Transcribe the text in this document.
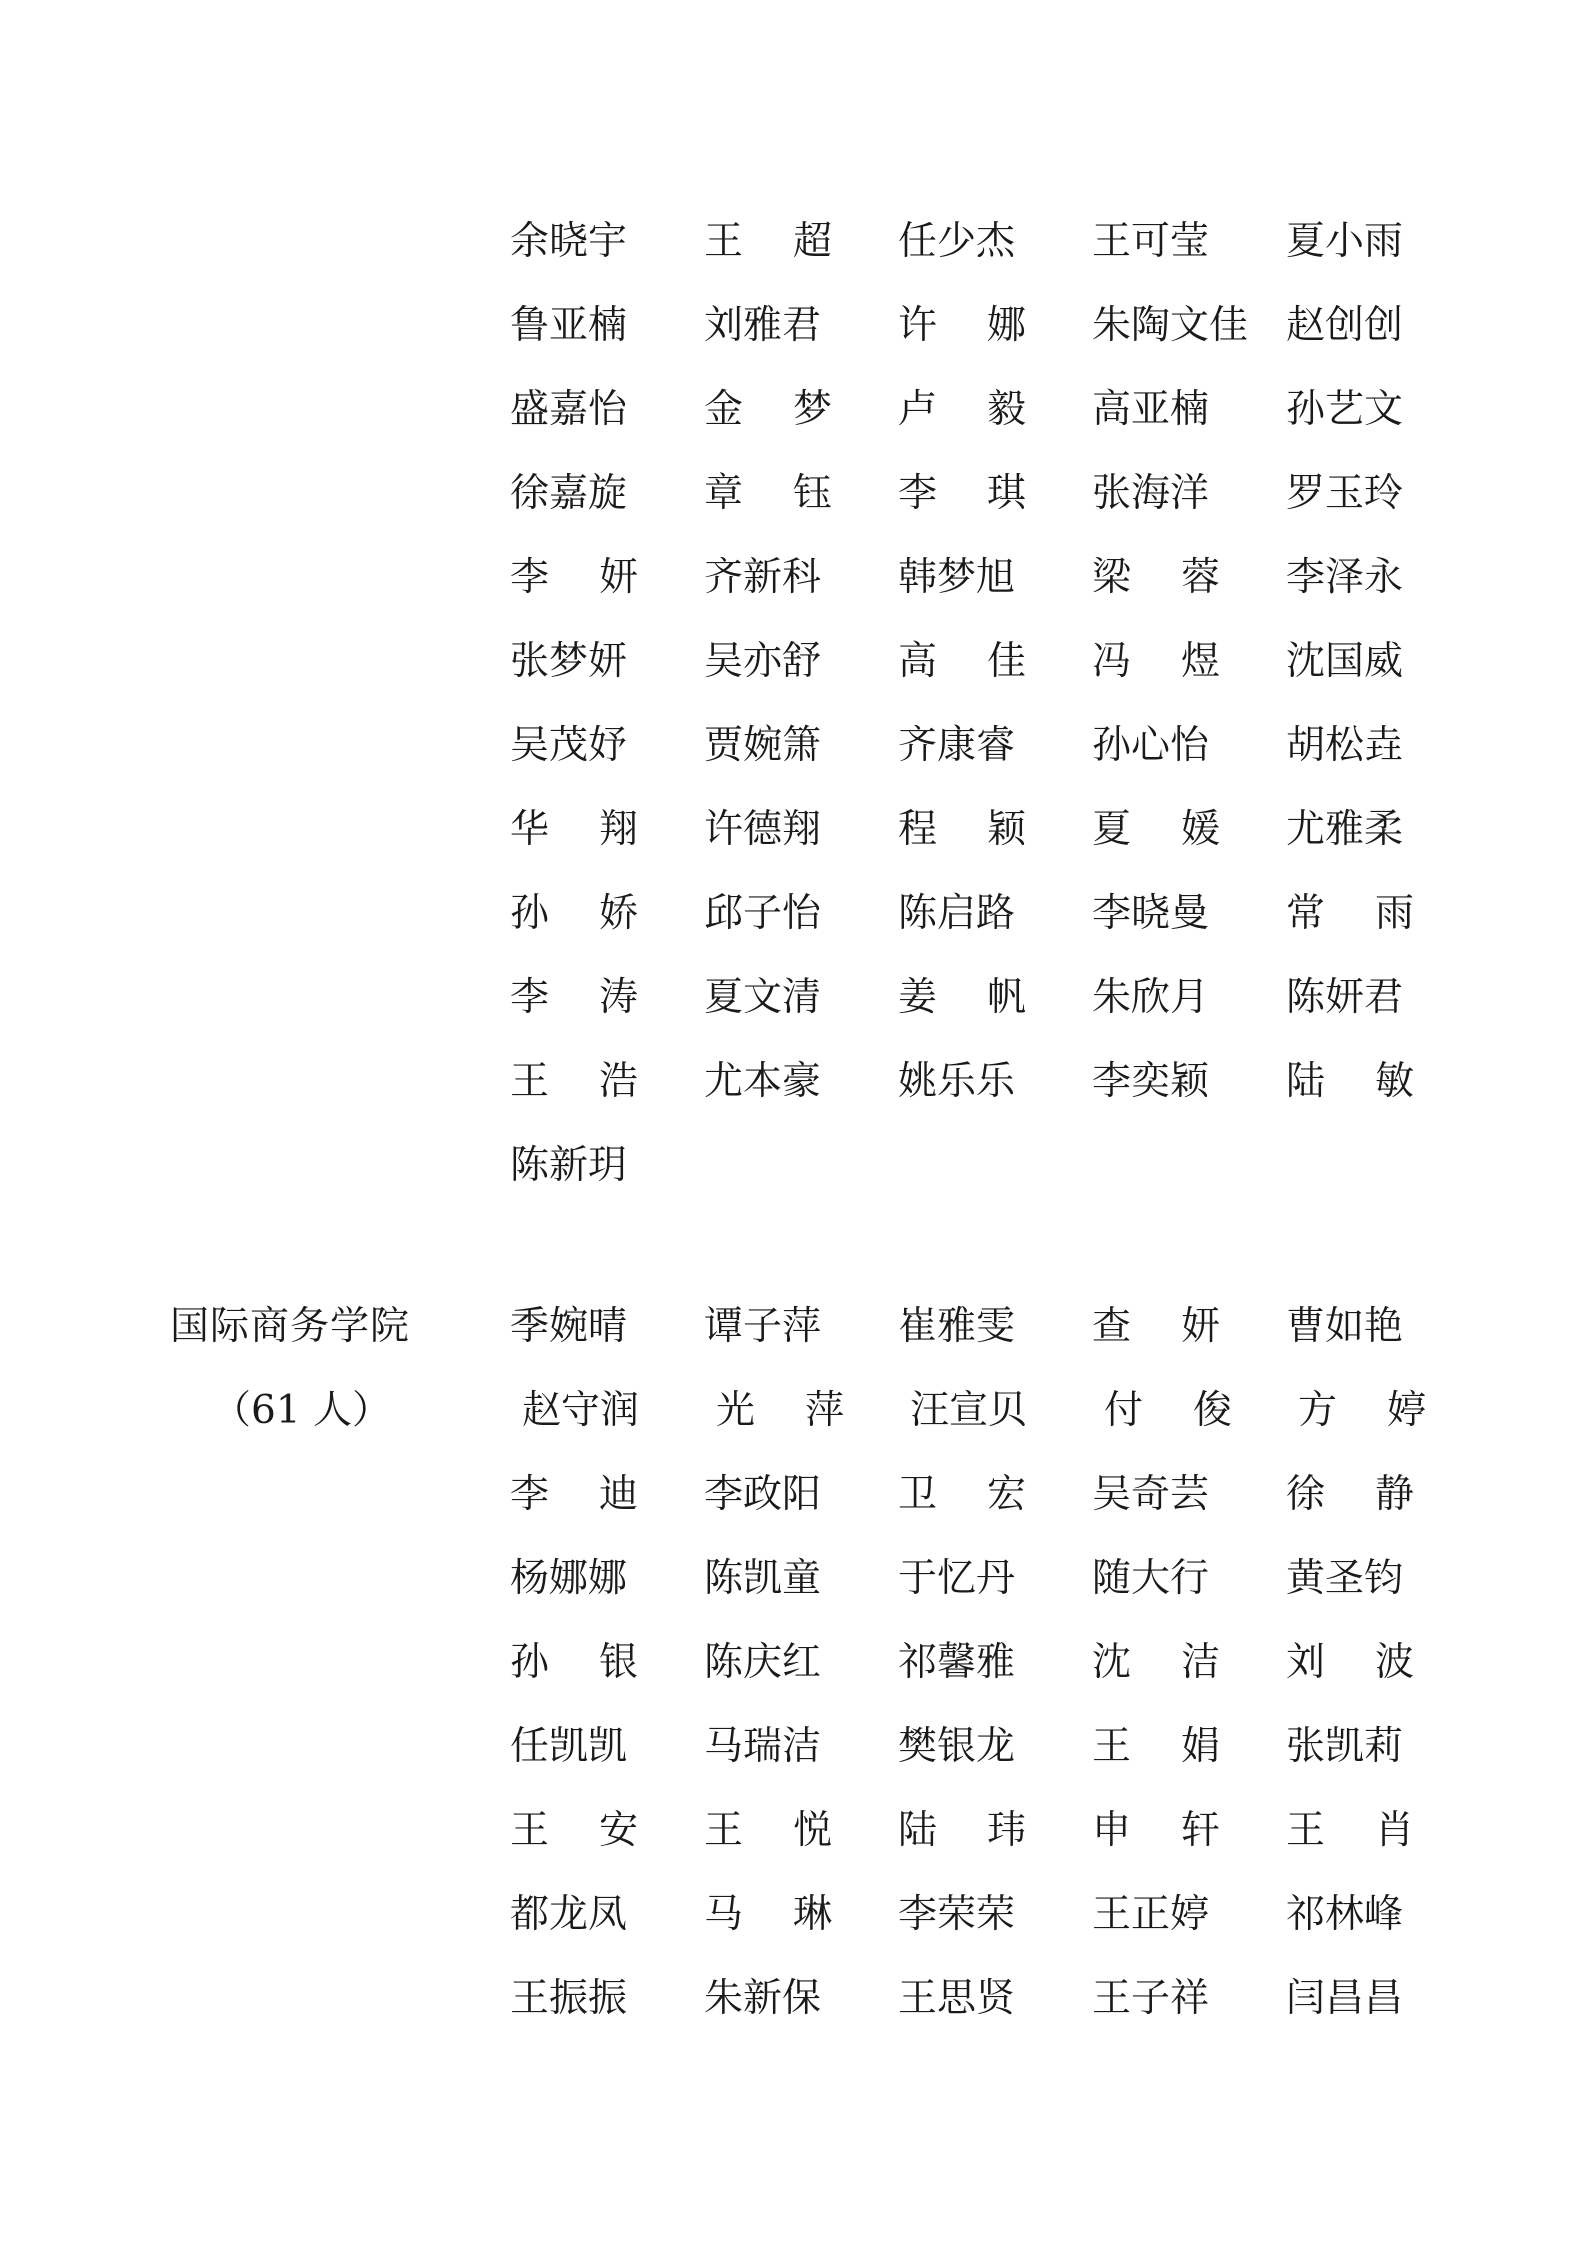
余晓宇	王超 任少杰	王可莹	夏小雨
鲁亚楠	刘雅君	许娜 朱陶文佳 赵创创
盛嘉怡	金梦 卢毅 高亚楠	孙艺文
徐嘉旋	章钰 李琪 张海洋	罗玉玲
李妍 齐新科	韩梦旭	梁蓉 李泽永
张梦妍	吴亦舒	高佳 冯煜 沈国威
吴茂妤	贾婉箫	齐康睿	孙心怡	胡松垚
华翔 许德翔	程颖 夏媛 尤雅柔
孙娇 邱子怡	陈启路	李晓曼	常雨
李涛 夏文清	姜帆 朱欣月	陈妍君
王浩 尤本豪	姚乐乐	李奕颖	陆敏
陈新玥
国际商务学院
（61 人）
季婉晴	谭子萍	崔雅雯	查妍 曹如艳
赵守润	光萍 汪宣贝	付俊 方婷
李迪 李政阳	卫宏 吴奇芸	徐静
杨娜娜	陈凯童	于忆丹	随大行	黄圣钧
孙银 陈庆红	祁馨雅	沈洁 刘波
任凯凯	马瑞洁	樊银龙	王娟 张凯莉
王安 王悦 陆玮 申轩 王肖
都龙凤	马琳 李荣荣	王正婷	祁林峰
王振振	朱新保	王思贤	王子祥	闫昌昌
